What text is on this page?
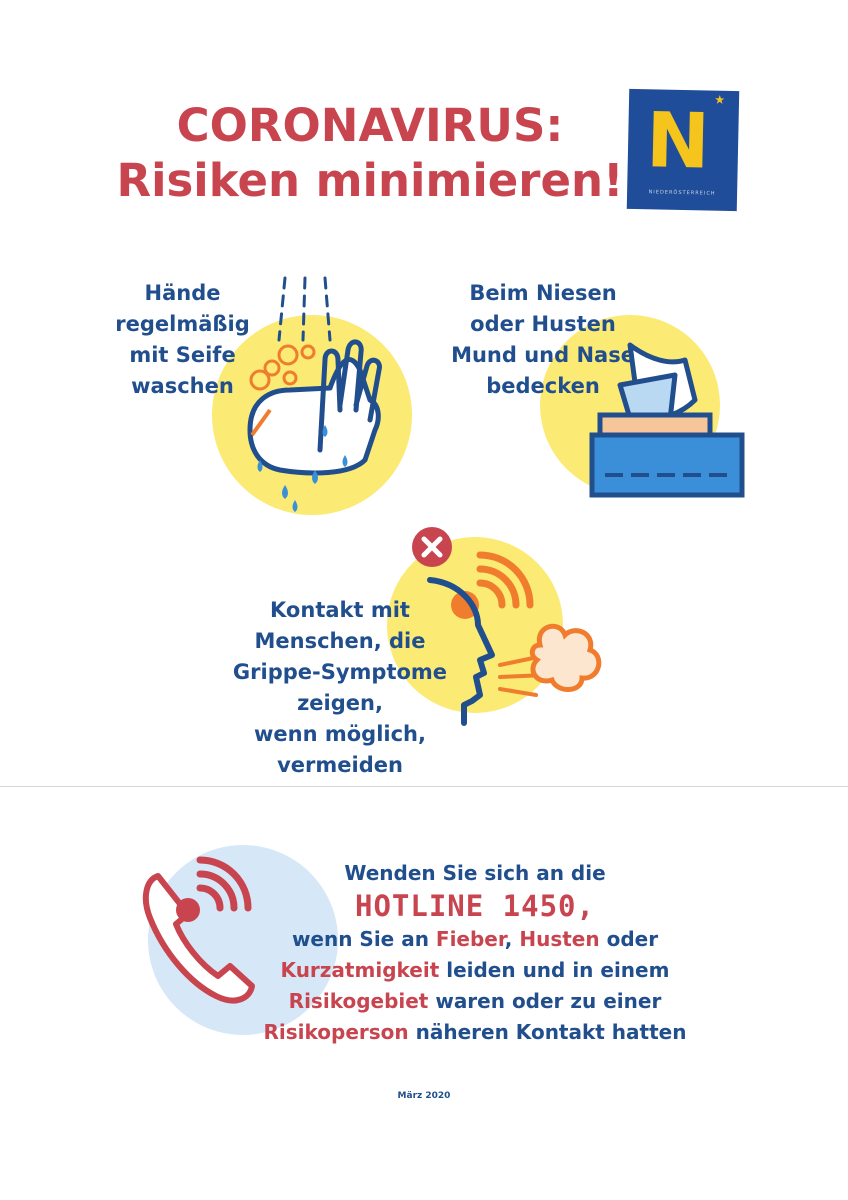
CORONAVIRUS:
Risiken minimieren! N ★
NIEDERÖSTERREICH
Hände
regelmäßig
mit Seife
waschen
Beim Niesen
oder Husten
Mund und Nase
bedecken
Kontakt mit
Menschen, die
Grippe-Symptome
zeigen,
wenn möglich,
vermeiden
Wenden Sie sich an die
HOTLINE 1450,
wenn Sie an Fieber, Husten oder
Kurzatmigkeit leiden und in einem
Risikogebiet waren oder zu einer
Risikoperson näheren Kontakt hatten
März 2020
